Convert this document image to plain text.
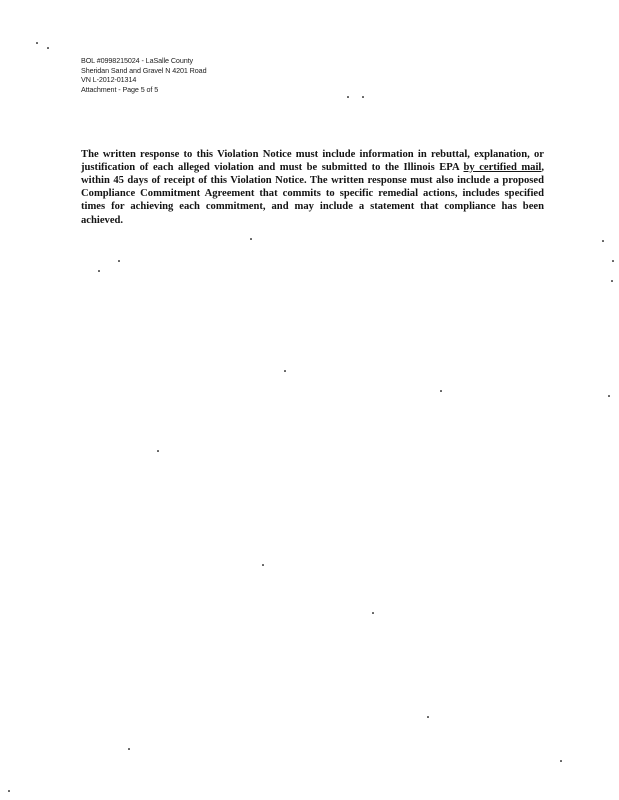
BOL #0998215024 - LaSalle County
Sheridan Sand and Gravel N 4201 Road
VN L-2012-01314
Attachment - Page 5 of 5

The written response to this Violation Notice must include information in rebuttal, explanation, or justification of each alleged violation and must be submitted to the Illinois EPA by certified mail, within 45 days of receipt of this Violation Notice. The written response must also include a proposed Compliance Commitment Agreement that commits to specific remedial actions, includes specified times for achieving each commitment, and may include a statement that compliance has been achieved.
